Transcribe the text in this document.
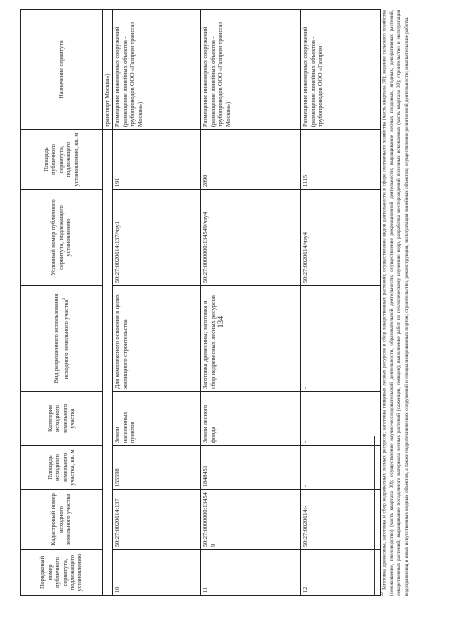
134
Порядковый номер публичного сервитута, подлежащего установлению	Кадастровый номер исходного земельного участка	Площадь исходного земельного участка, кв. м	Категория исходного земельного участка	Вид разрешенного использования исходного земельного участка$^2$	Условный номер публичного сервитута, подлежащего установлению	Площадь публичного сервитута, подлежащего установлению, кв. м	Назначение сервитута
							транспорт Москва»)
10	50:27:0020614:137	155598	Земли населенных пунктов	Для комплексного освоения в целях жилищного строительства	50:27:0020614:137/чзу1	191	Размещение инженерных сооружений (размещение линейных объектов - трубопроводов ООО «Газпром трансгаз Москва»)
11	50:27:0000000:134549	1848451	Земли лесного фонда	Заготовка древесины; заготовка и сбор недревесных лесных ресурсов	50:27:0000000:134549/чзу4	2890	Размещение инженерных сооружений (размещение линейных объектов - трубопроводов ООО «Газпром трансгаз Москва»)
12	50:27:0020614:-	-	-	-	50:27:0020614/чзу4	1115	Размещение инженерных сооружений (размещение линейных объектов - трубопроводов ООО «Газпром
$^{22}$ Заготовка древесины, заготовка и сбор недревесных лесных ресурсов; заготовка пищевых лесных ресурсов и сбор лекарственных растений; осуществление видов деятельности в сфере охотничьего хозяйства (часть квартала 30); ведение сельского хозяйства (сенокошение, пчеловодство) (часть квартала 30); осуществление научно-исследовательской деятельности, образовательной деятельности; осуществление рекреационной деятельности; выращивание лесных плодовых, ягодных, декоративных растений, лекарственных растений; выращивание посадочного материала лесных растений (саженцев, сеянцев); выполнение работ по геологическому изучению недр, разработка месторождений полезных ископаемых (часть квартала 30); строительство и эксплуатация водохранилищ и иных искусственных водных объектов, а также гидротехнических сооружений и специализированных портов; строительство, реконструкция, эксплуатация линейных объектов; осуществление религиозной деятельности; изыскательские работы.
